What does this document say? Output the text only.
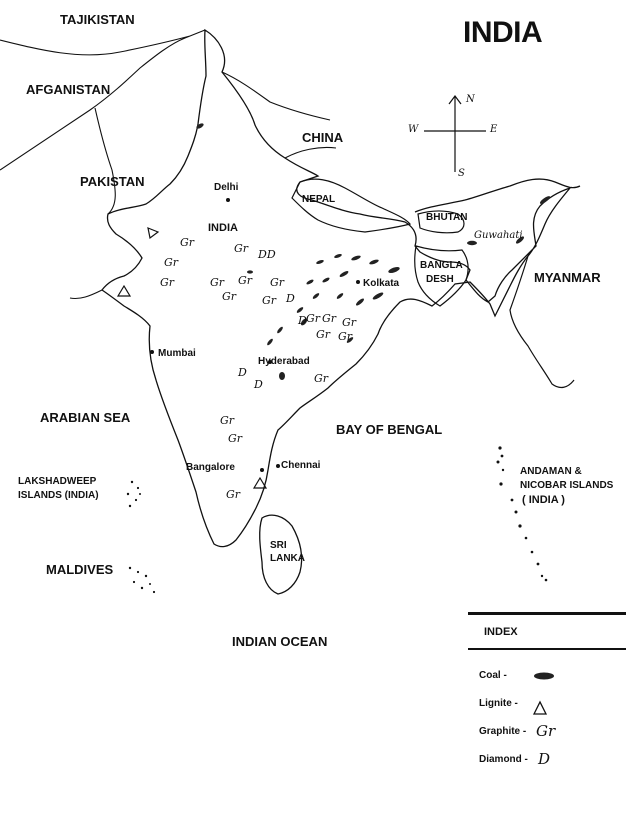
INDIA
TAJIKISTAN
AFGANISTAN
PAKISTAN
CHINA
NEPAL
BHUTAN
BANGLA
DESH	MYANMAR
INDIA
SRI
LANKA
MALDIVES
Delhi
Mumbai
Hyderabad
Kolkata
Bangalore	Chennai
Guwahati
ARABIAN SEA
BAY OF BENGAL
INDIAN OCEAN
LAKSHADWEEP
ISLANDS (INDIA)
ANDAMAN &
NICOBAR ISLANDS
( INDIA )
N
S
E
W
Gr	Gr
Gr
Gr	Gr Gr
Gr
Gr
Gr
Gr Gr Gr
Gr Gr
Gr
Gr
Gr
Gr
DD
D
D
D
D
INDEX
Coal -
Lignite -
Graphite - Gr
Diamond - D
